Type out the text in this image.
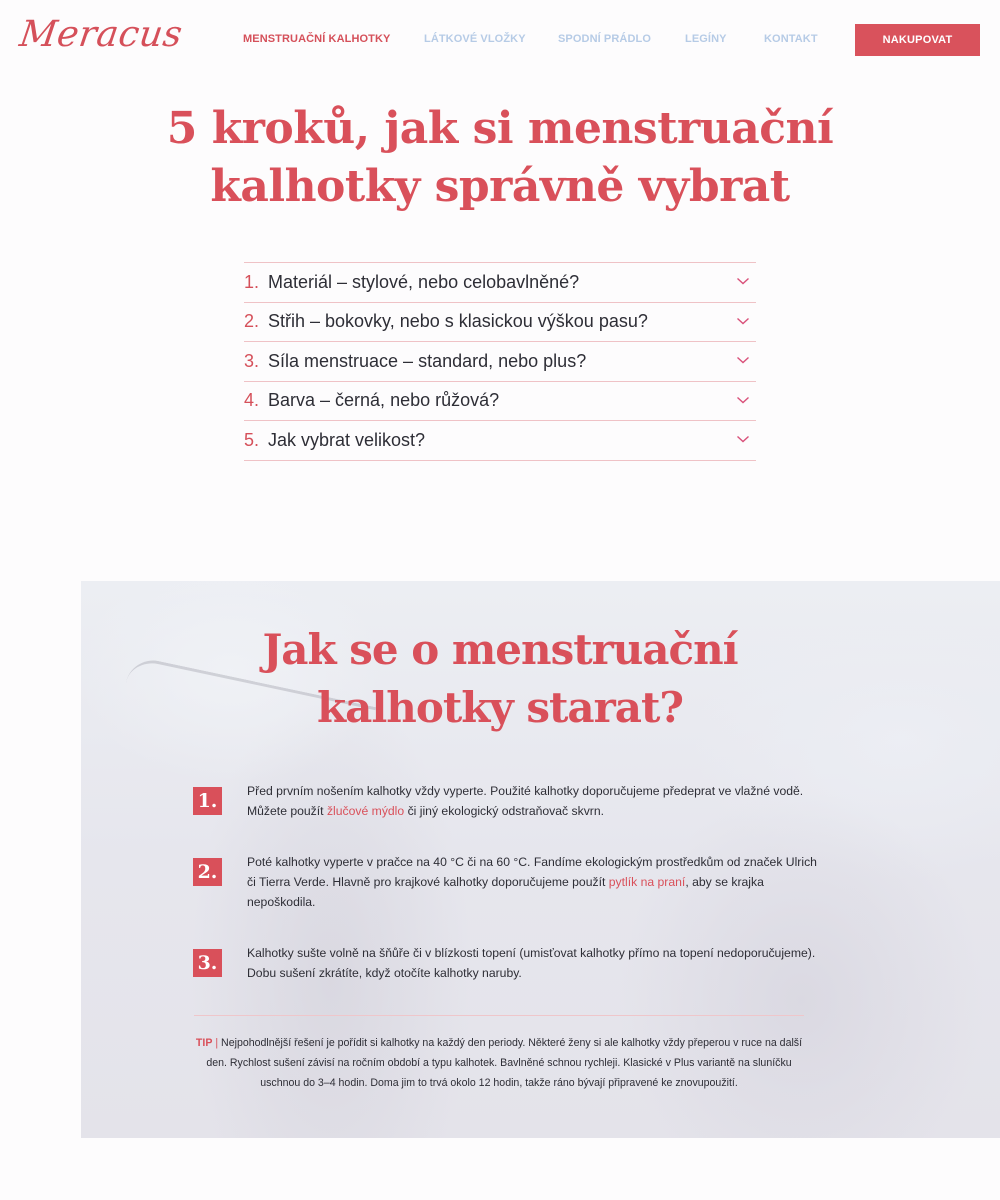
Meracus	MENSTRUAČNÍ KALHOTKY	LÁTKOVÉ VLOŽKY	SPODNÍ PRÁDLO	LEGÍNY	KONTAKT	NAKUPOVAT
5 kroků, jak si menstruační
kalhotky správně vybrat
1. Materiál – stylové, nebo celobavlněné?
2. Střih – bokovky, nebo s klasickou výškou pasu?
3. Síla menstruace – standard, nebo plus?
4. Barva – černá, nebo růžová?
5. Jak vybrat velikost?
Jak se o menstruační
kalhotky starat?
1.	Před prvním nošením kalhotky vždy vyperte. Použité kalhotky doporučujeme předeprat ve vlažné vodě. Můžete použít žlučové mýdlo či jiný ekologický odstraňovač skvrn.

2.	Poté kalhotky vyperte v pračce na 40 °C či na 60 °C. Fandíme ekologickým prostředkům od značek Ulrich či Tierra Verde. Hlavně pro krajkové kalhotky doporučujeme použít pytlík na praní, aby se krajka nepoškodila.

3.	Kalhotky sušte volně na šňůře či v blízkosti topení (umisťovat kalhotky přímo na topení nedoporučujeme). Dobu sušení zkrátíte, když otočíte kalhotky naruby.

TIP | Nejpohodlnější řešení je pořídit si kalhotky na každý den periody. Některé ženy si ale kalhotky vždy přeperou v ruce na další den. Rychlost sušení závisí na ročním období a typu kalhotek. Bavlněné schnou rychleji. Klasické v Plus variantě na sluníčku uschnou do 3–4 hodin. Doma jim to trvá okolo 12 hodin, takže ráno bývají připravené ke znovupoužití.
